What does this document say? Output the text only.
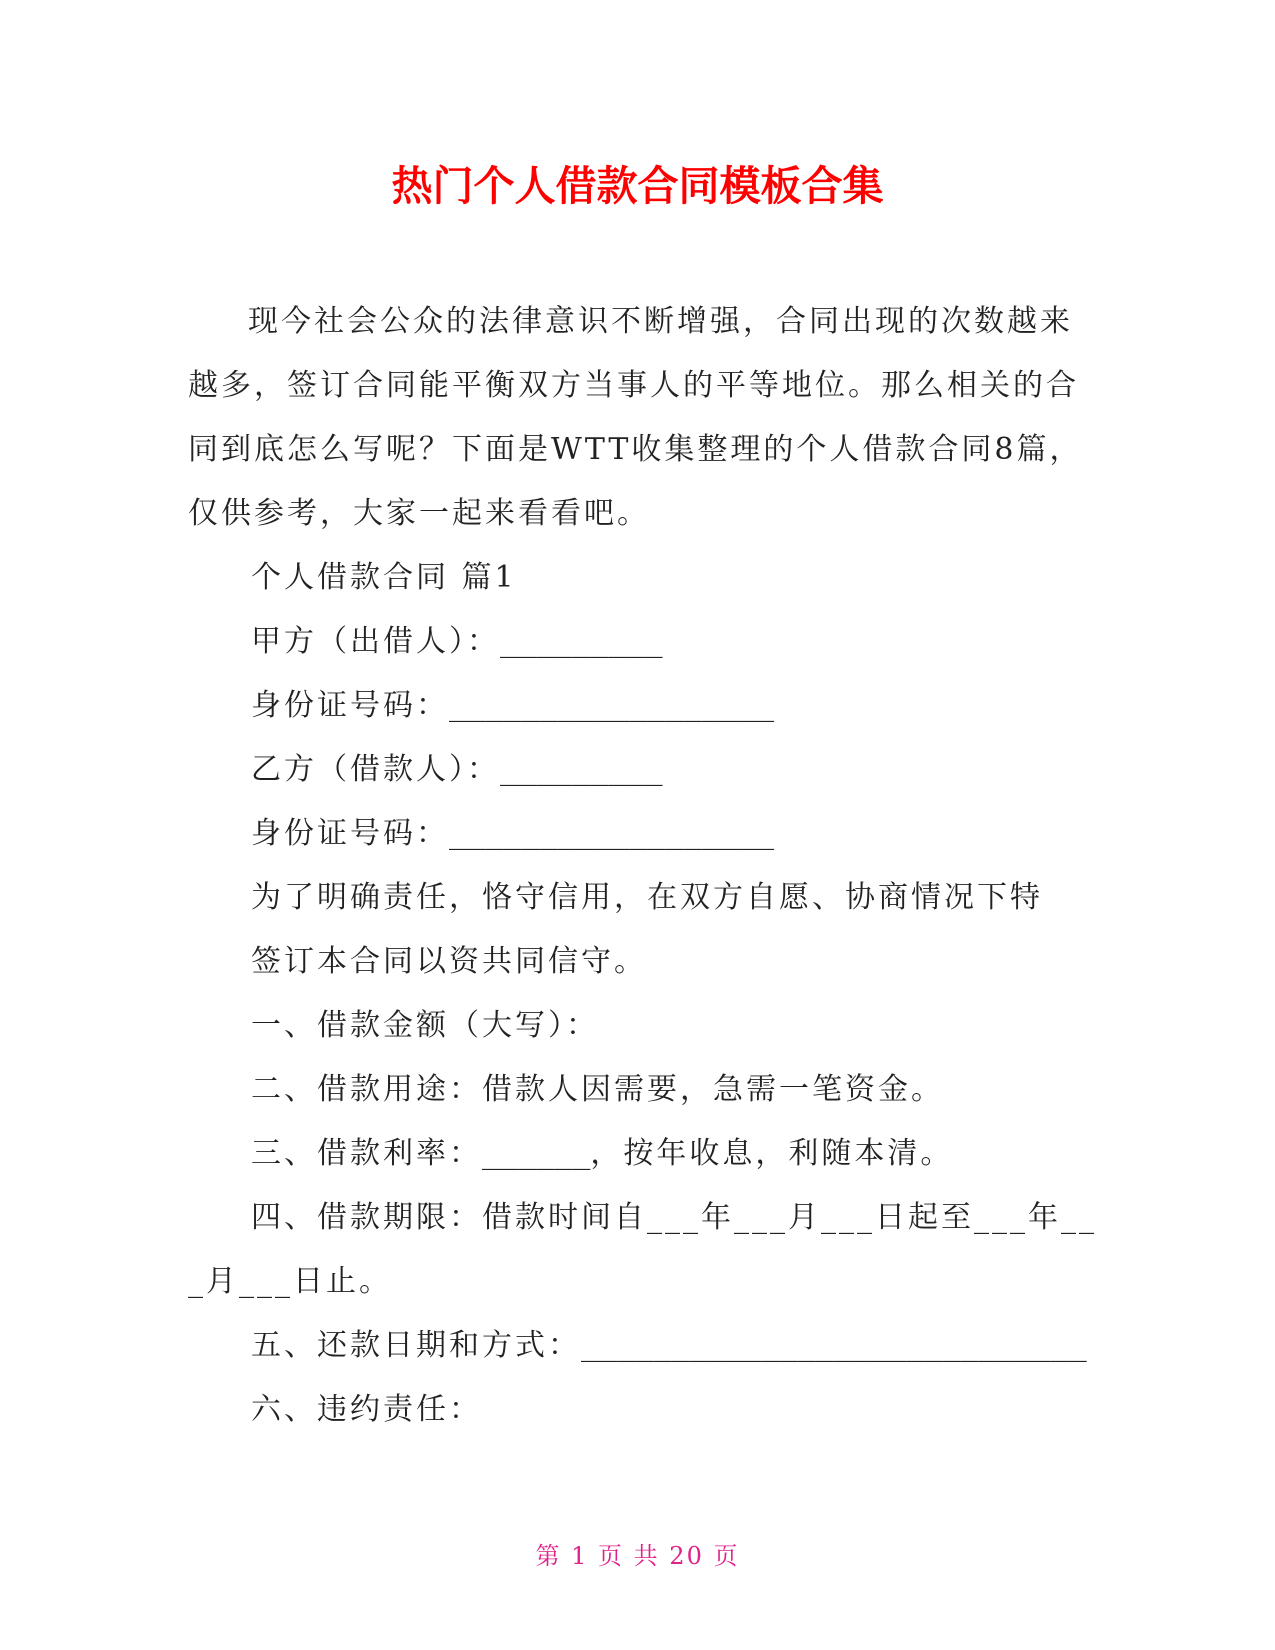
热门个人借款合同模板合集

现今社会公众的法律意识不断增强，合同出现的次数越来越多，签订合同能平衡双方当事人的平等地位。那么相关的合同到底怎么写呢？下面是WTT收集整理的个人借款合同8篇，仅供参考，大家一起来看看吧。

个人借款合同 篇1

甲方（出借人）：_________

身份证号码：__________________

乙方（借款人）：_________

身份证号码：__________________

为了明确责任，恪守信用，在双方自愿、协商情况下特

签订本合同以资共同信守。

一、借款金额（大写）：

二、借款用途：借款人因需要，急需一笔资金。

三、借款利率：______，按年收息，利随本清。

四、借款期限：借款时间自___年___月___日起至___年__

_月___日止。

五、还款日期和方式：____________________________

六、违约责任：

第 1 页 共 20 页
